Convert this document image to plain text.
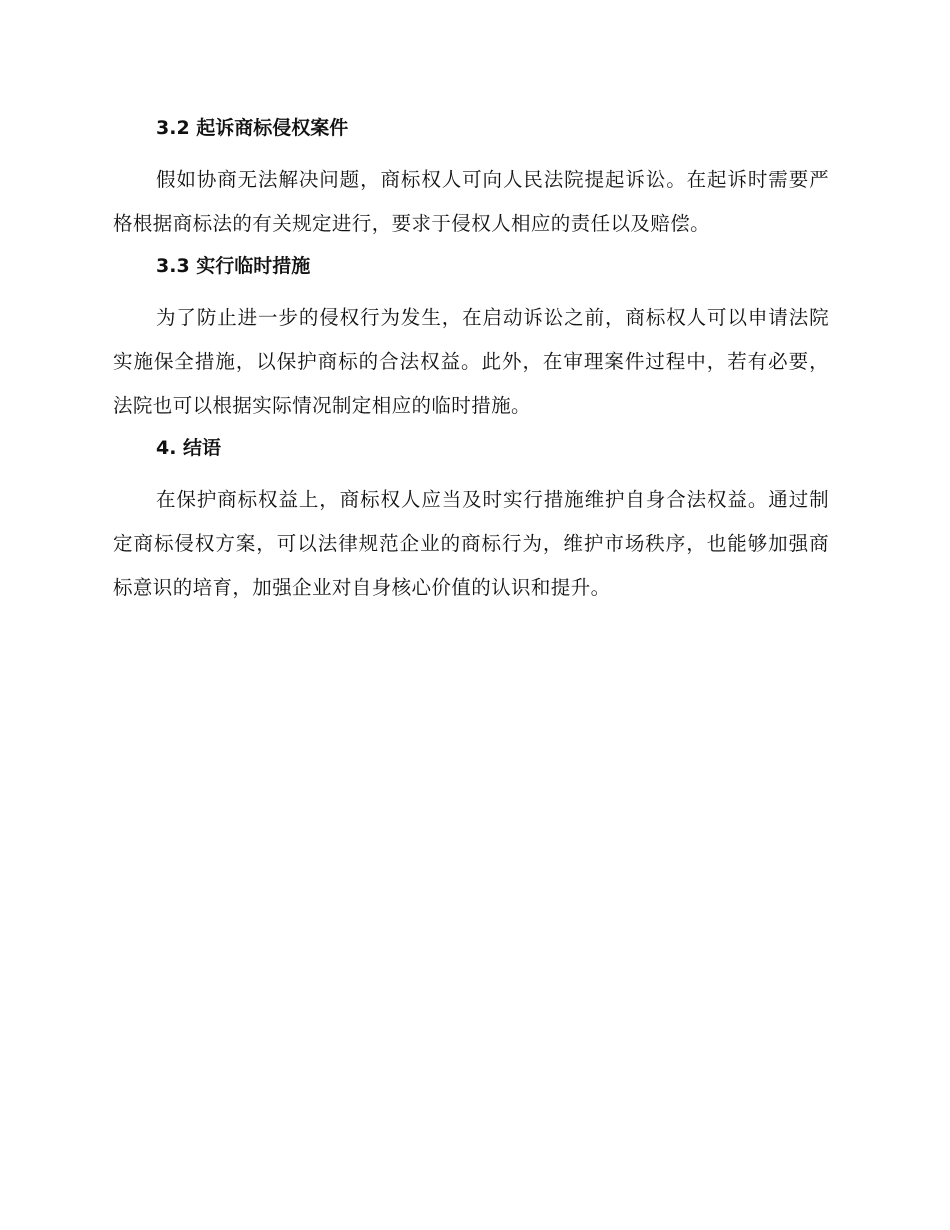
3.2 起诉商标侵权案件

假如协商无法解决问题，商标权人可向人民法院提起诉讼。在起诉时需要严格根据商标法的有关规定进行，要求于侵权人相应的责任以及赔偿。

3.3 实行临时措施

为了防止进一步的侵权行为发生，在启动诉讼之前，商标权人可以申请法院实施保全措施，以保护商标的合法权益。此外，在审理案件过程中，若有必要，法院也可以根据实际情况制定相应的临时措施。

4. 结语

在保护商标权益上，商标权人应当及时实行措施维护自身合法权益。通过制定商标侵权方案，可以法律规范企业的商标行为，维护市场秩序，也能够加强商标意识的培育，加强企业对自身核心价值的认识和提升。
